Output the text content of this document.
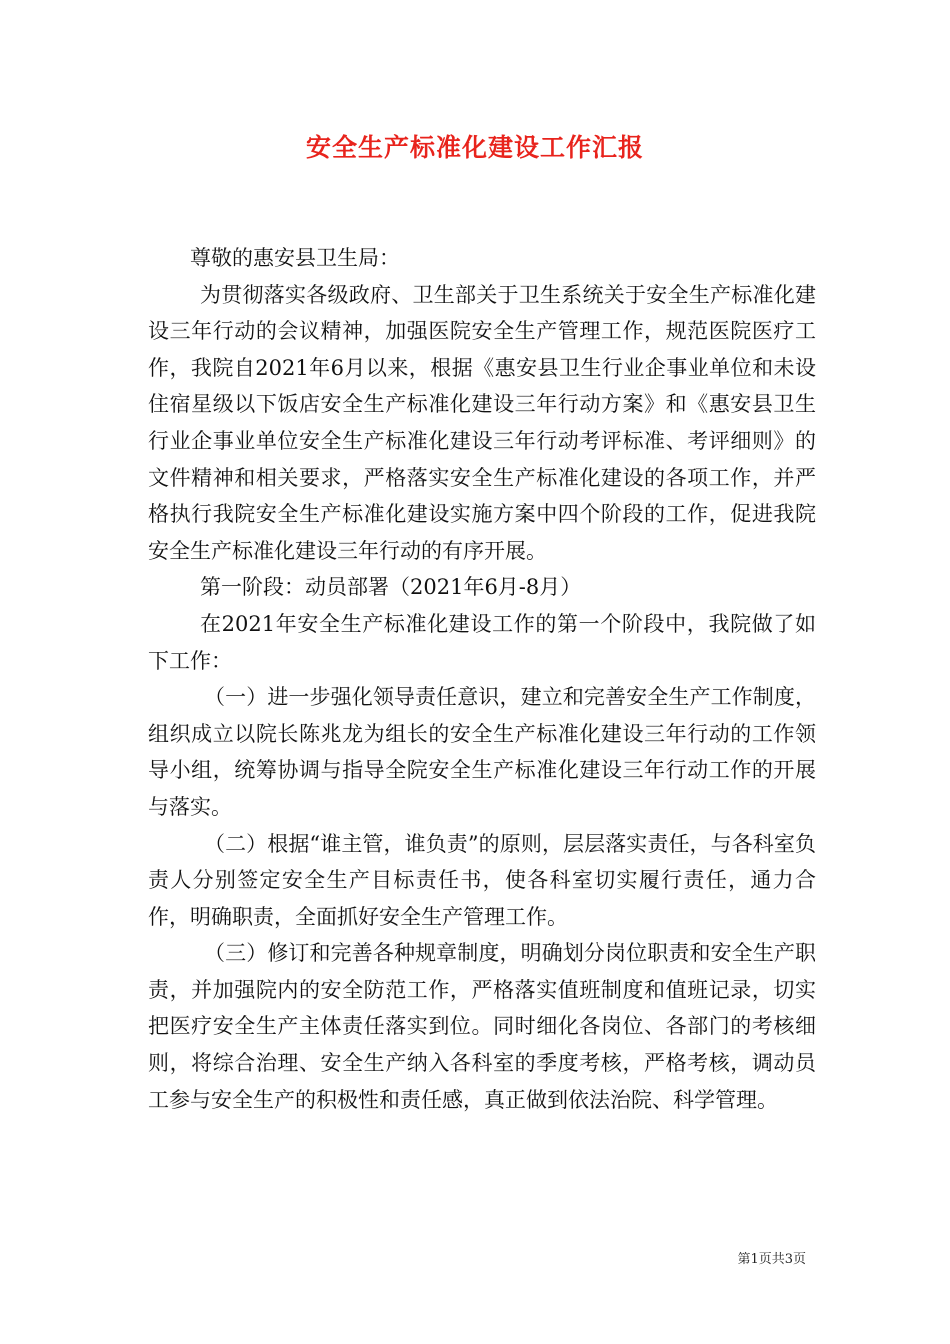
安全生产标准化建设工作汇报

尊敬的惠安县卫生局：

为贯彻落实各级政府、卫生部关于卫生系统关于安全生产标准化建设三年行动的会议精神，加强医院安全生产管理工作，规范医院医疗工作，我院自2021年6月以来，根据《惠安县卫生行业企事业单位和未设住宿星级以下饭店安全生产标准化建设三年行动方案》和《惠安县卫生行业企事业单位安全生产标准化建设三年行动考评标准、考评细则》的文件精神和相关要求，严格落实安全生产标准化建设的各项工作，并严格执行我院安全生产标准化建设实施方案中四个阶段的工作，促进我院安全生产标准化建设三年行动的有序开展。

第一阶段：动员部署（2021年6月-8月）

在2021年安全生产标准化建设工作的第一个阶段中，我院做了如下工作：

（一）进一步强化领导责任意识，建立和完善安全生产工作制度，组织成立以院长陈兆龙为组长的安全生产标准化建设三年行动的工作领导小组，统筹协调与指导全院安全生产标准化建设三年行动工作的开展与落实。

（二）根据“谁主管，谁负责”的原则，层层落实责任，与各科室负责人分别签定安全生产目标责任书，使各科室切实履行责任，通力合作，明确职责，全面抓好安全生产管理工作。

（三）修订和完善各种规章制度，明确划分岗位职责和安全生产职责，并加强院内的安全防范工作，严格落实值班制度和值班记录，切实把医疗安全生产主体责任落实到位。同时细化各岗位、各部门的考核细则，将综合治理、安全生产纳入各科室的季度考核，严格考核，调动员工参与安全生产的积极性和责任感，真正做到依法治院、科学管理。

第1页共3页
